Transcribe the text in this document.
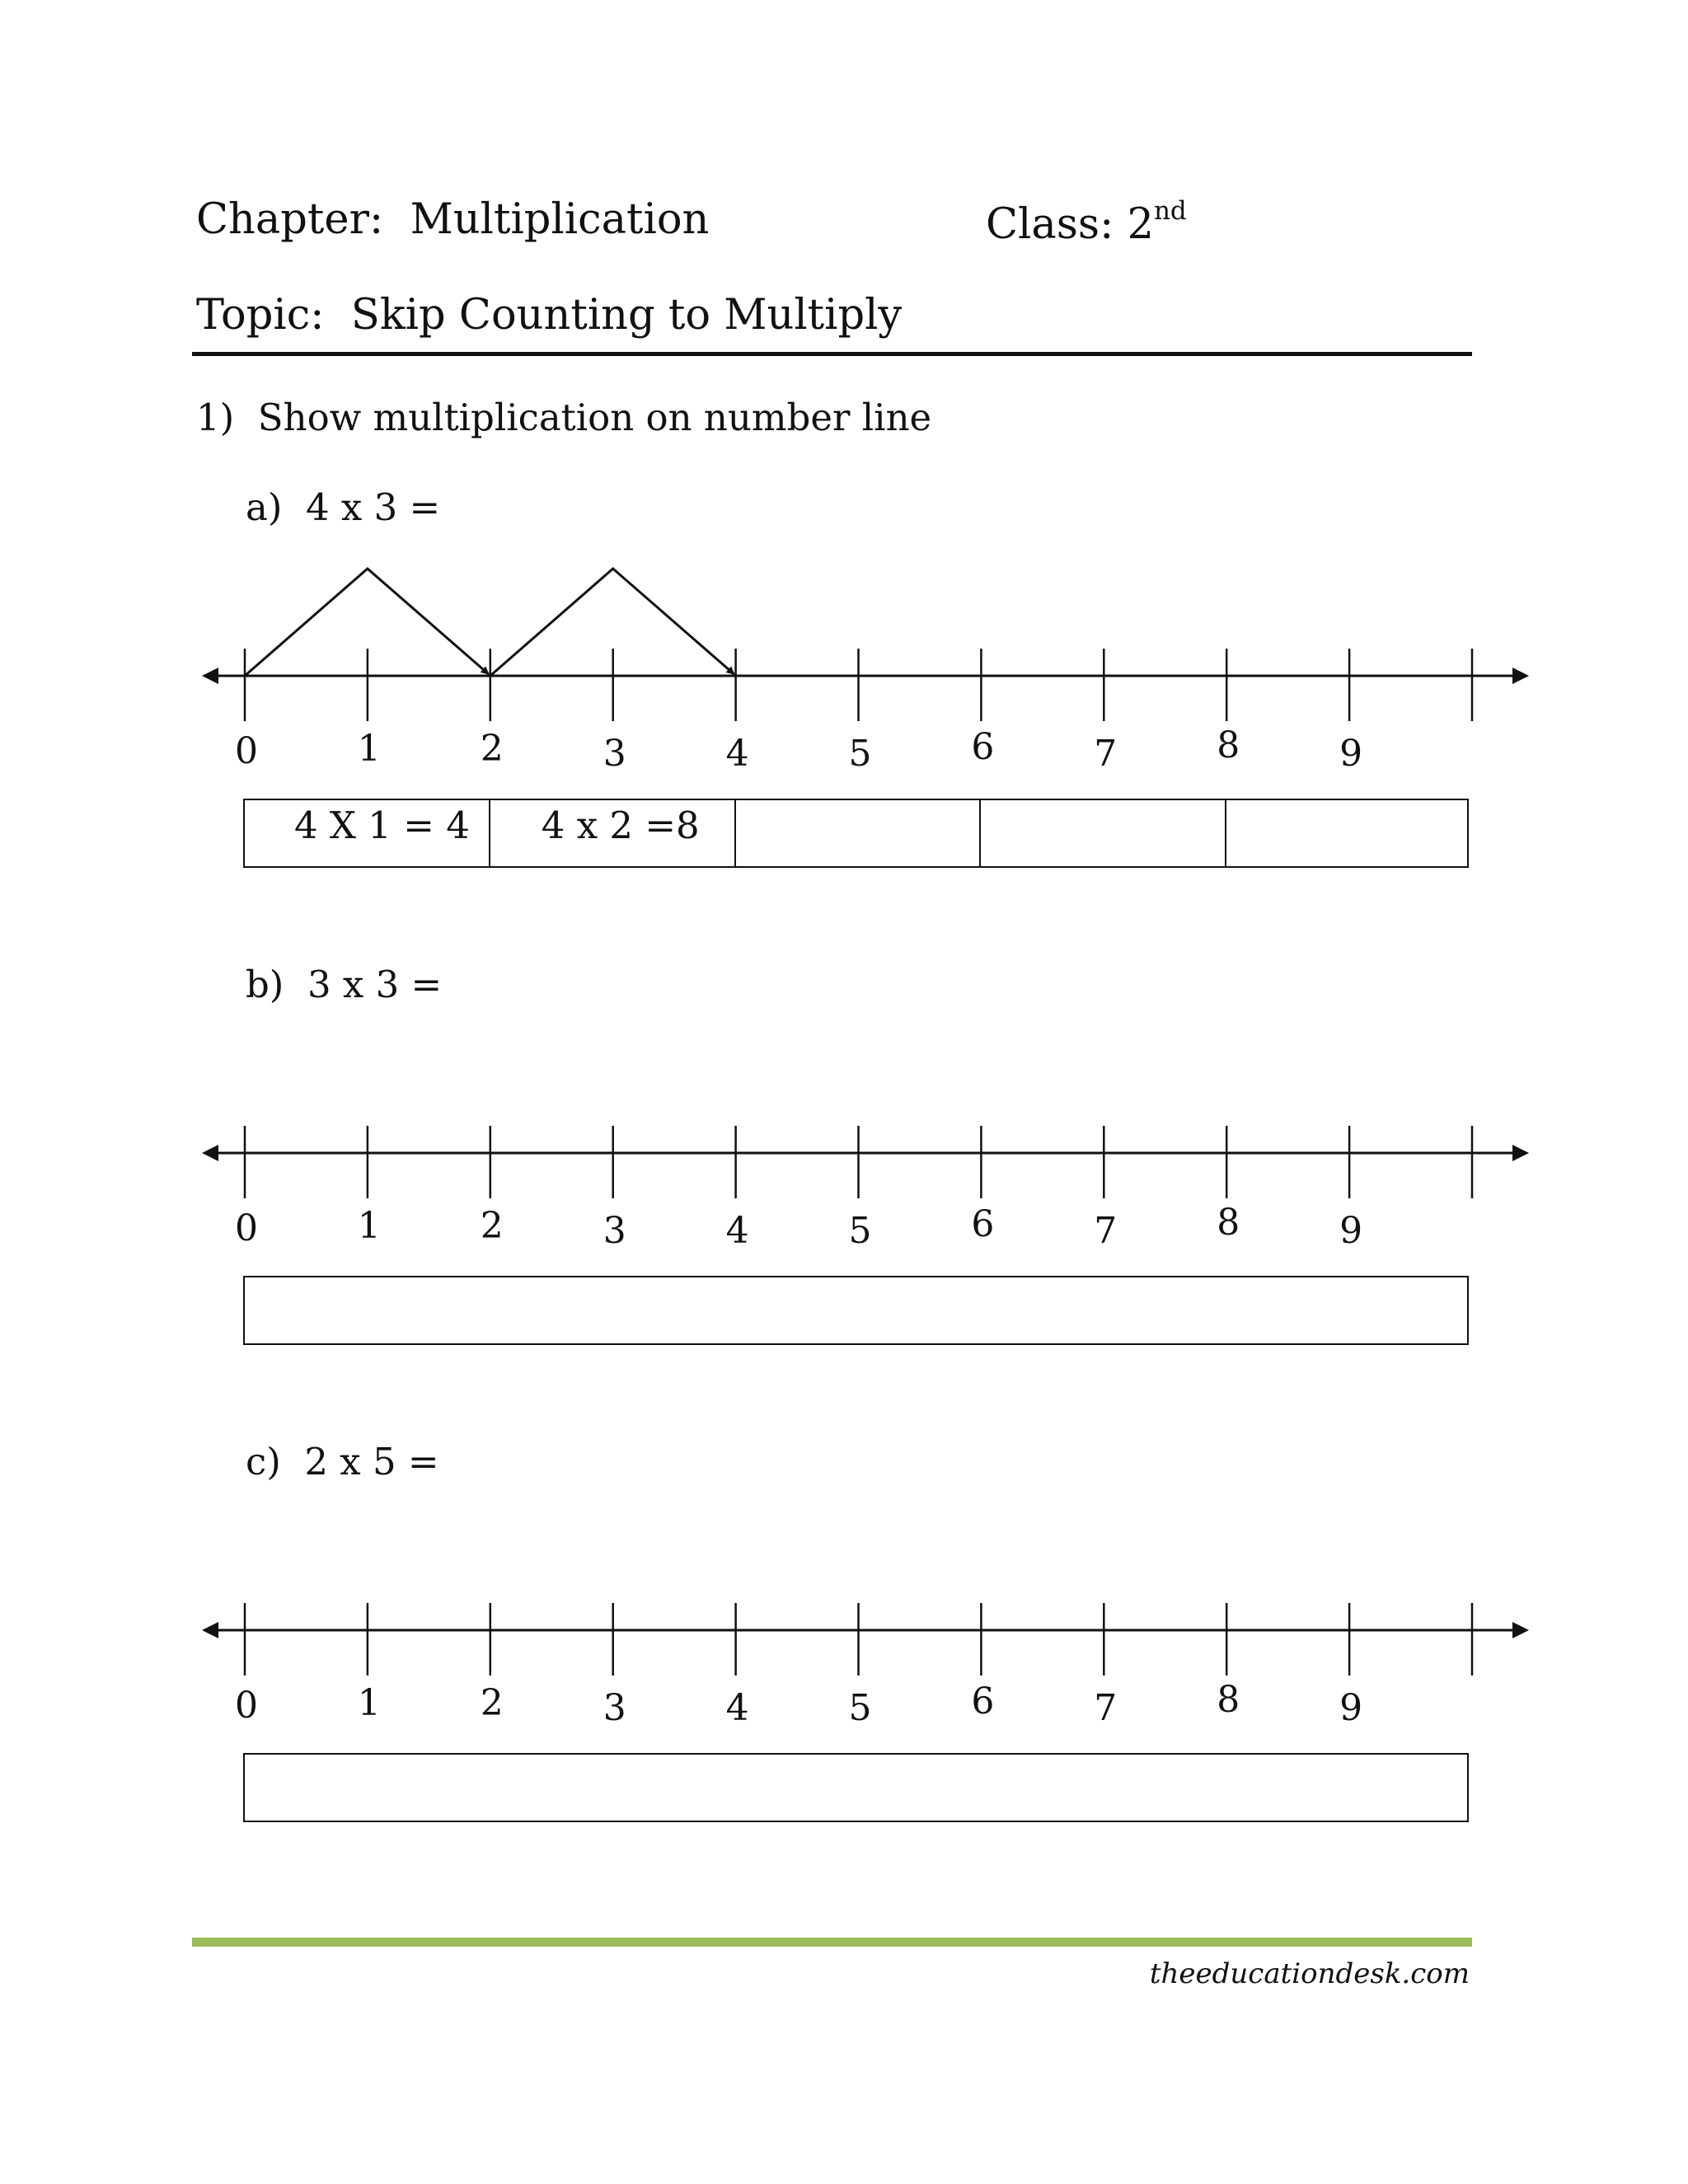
Chapter: Multiplication	Class: 2nd
Topic: Skip Counting to Multiply
1) Show multiplication on number line
a) 4 x 3 =
0	1	2	3	4	5	6	7	8	9
4 X 1 = 4 4 x 2 =8
b) 3 x 3 =
0	1	2	3	4	5	6	7	8	9
c) 2 x 5 =
0	1	2	3	4	5	6	7	8	9
theeducationdesk.com
